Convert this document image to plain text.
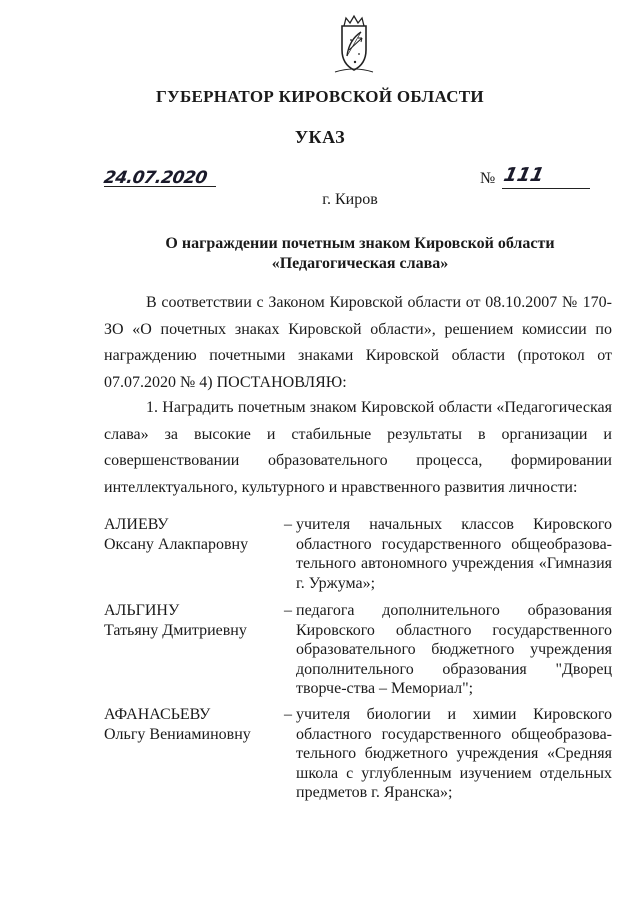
ГУБЕРНАТОР КИРОВСКОЙ ОБЛАСТИ
УКАЗ
24.07.2020	№ 111
г. Киров
О награждении почетным знаком Кировской области
«Педагогическая слава»
В соответствии с Законом Кировской области от 08.10.2007 № 170-ЗО «О почетных знаках Кировской области», решением комиссии по награждению почетными знаками Кировской области (протокол от 07.07.2020 № 4) ПОСТАНОВЛЯЮ:
1. Наградить почетным знаком Кировской области «Педагогическая слава» за высокие и стабильные результаты в организации и совершенствовании образовательного процесса, формировании интеллектуального, культурного и нравственного развития личности:
АЛИЕВУ
Оксану Алакпаровну
– учителя начальных классов Кировского областного государственного общеобразова-тельного автономного учреждения «Гимназия г. Уржума»;
АЛЬГИНУ
Татьяну Дмитриевну
– педагога дополнительного образования Кировского областного государственного образовательного бюджетного учреждения дополнительного образования "Дворец творче-ства – Мемориал";
АФАНАСЬЕВУ
Ольгу Вениаминовну
– учителя биологии и химии Кировского областного государственного общеобразова-тельного бюджетного учреждения «Средняя школа с углубленным изучением отдельных предметов г. Яранска»;
